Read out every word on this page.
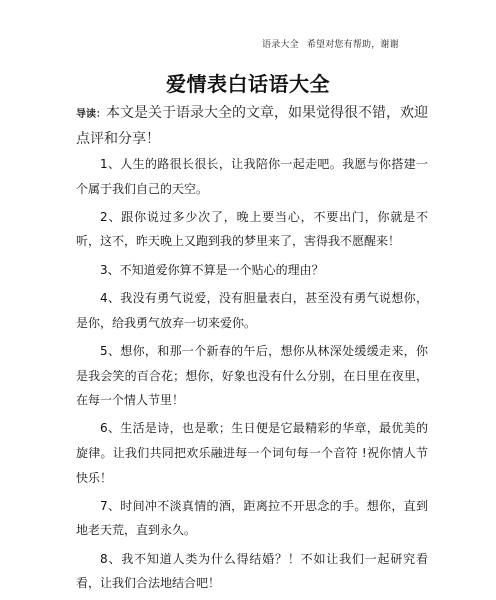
语录大全 希望对您有帮助，谢谢
爱情表白话语大全
导读：本文是关于语录大全的文章，如果觉得很不错，欢迎点评和分享！

1、人生的路很长很长，让我陪你一起走吧。我愿与你搭建一个属于我们自己的天空。

2、跟你说过多少次了，晚上要当心，不要出门，你就是不听，这不，昨天晚上又跑到我的梦里来了，害得我不愿醒来！

3、不知道爱你算不算是一个贴心的理由？

4、我没有勇气说爱，没有胆量表白，甚至没有勇气说想你，是你，给我勇气放弃一切来爱你。

5、想你，和那一个新春的午后，想你从林深处缓缓走来，你是我会笑的百合花；想你，好象也没有什么分别，在日里在夜里，在每一个情人节里！

6、生活是诗，也是歌；生日便是它最精彩的华章，最优美的旋律。让我们共同把欢乐融进每一个词句每一个音符 !祝你情人节快乐！

7、时间冲不淡真情的酒，距离拉不开思念的手。想你，直到地老天荒，直到永久。

8、我不知道人类为什么得结婚？！不如让我们一起研究看看，让我们合法地结合吧！
